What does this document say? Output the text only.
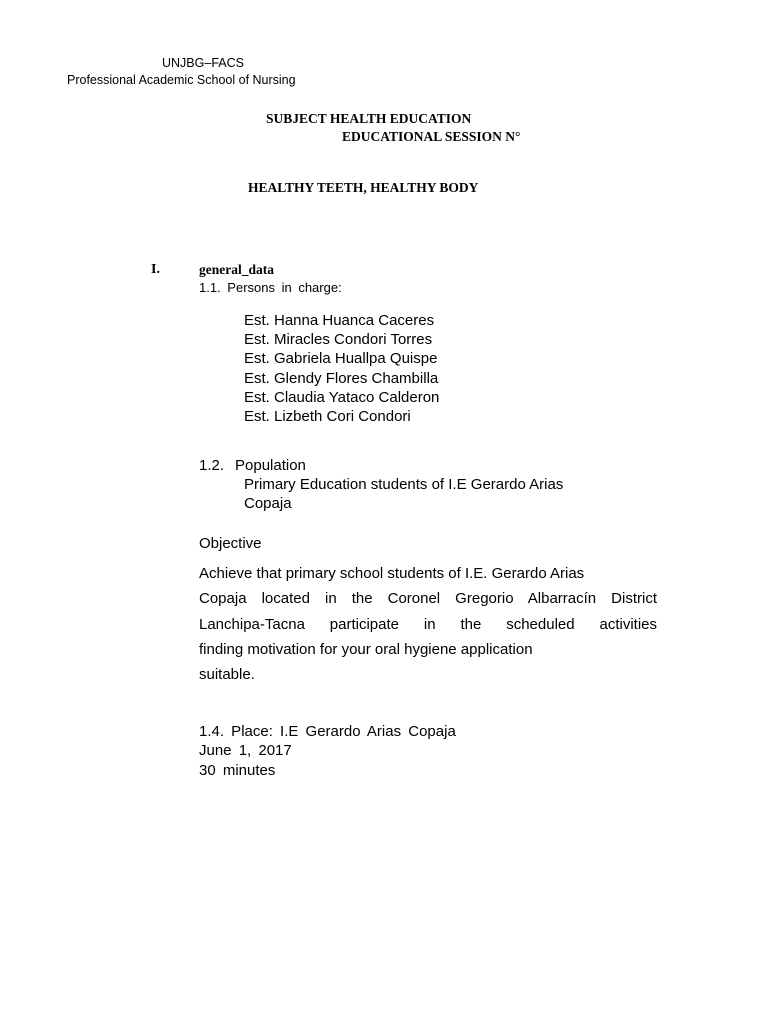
UNJBG–FACS
Professional Academic School of Nursing
SUBJECT HEALTH EDUCATION
EDUCATIONAL SESSION N°
HEALTHY TEETH, HEALTHY BODY
I.	general_data
1.1. Persons in charge:
Est. Hanna Huanca Caceres
Est. Miracles Condori Torres
Est. Gabriela Huallpa Quispe
Est. Glendy Flores Chambilla
Est. Claudia Yataco Calderon
Est. Lizbeth Cori Condori
1.2. Population
Primary Education students of I.E Gerardo Arias
Copaja
Objective
Achieve that primary school students of I.E. Gerardo Arias
Copaja located in the Coronel Gregorio Albarracín District
Lanchipa-Tacna participate in the scheduled activities
finding motivation for your oral hygiene application
suitable.
1.4. Place: I.E Gerardo Arias Copaja
June 1, 2017
30 minutes
